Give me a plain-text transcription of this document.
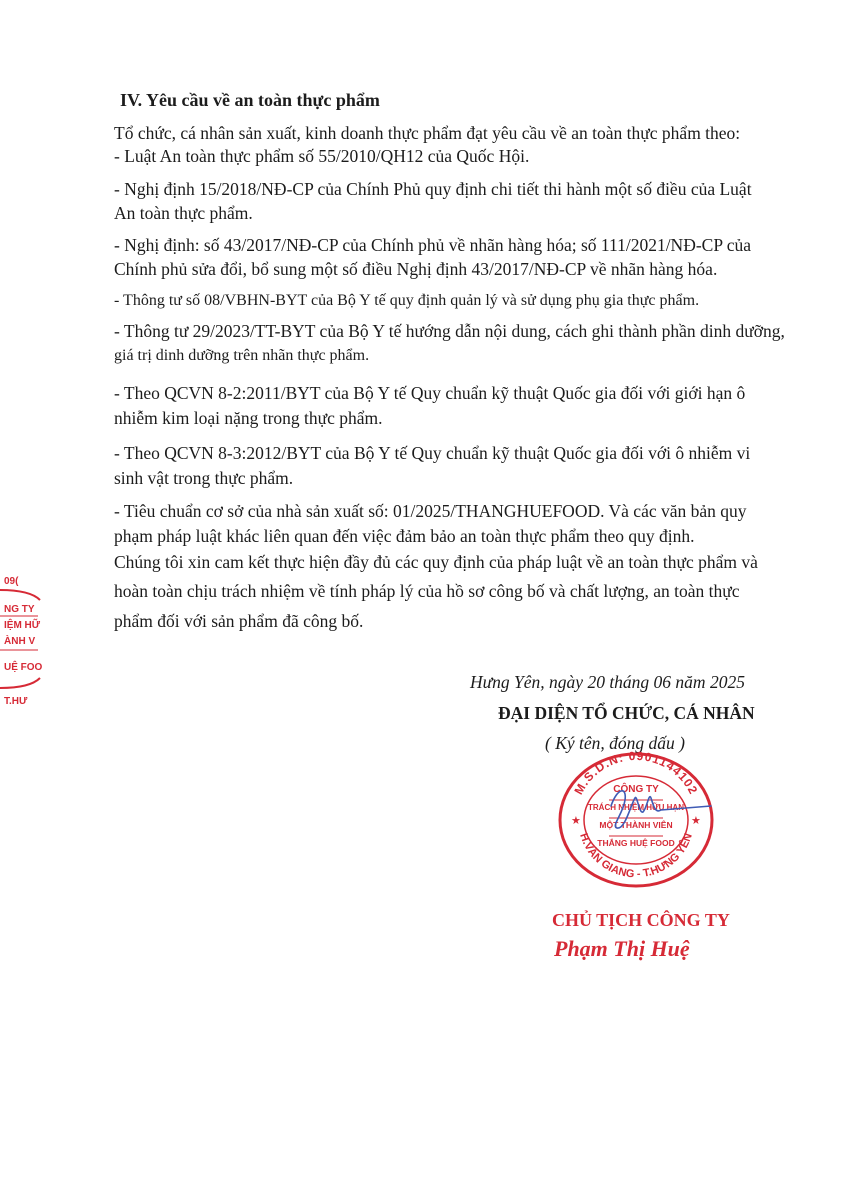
IV. Yêu cầu về an toàn thực phẩm
Tổ chức, cá nhân sản xuất, kinh doanh thực phẩm đạt yêu cầu về an toàn thực phẩm theo:
- Luật An toàn thực phẩm số 55/2010/QH12 của Quốc Hội.
- Nghị định 15/2018/NĐ-CP của Chính Phủ quy định chi tiết thi hành một số điều của Luật
An toàn thực phẩm.
- Nghị định: số 43/2017/NĐ-CP của Chính phủ về nhãn hàng hóa; số 111/2021/NĐ-CP của
Chính phủ sửa đổi, bổ sung một số điều Nghị định 43/2017/NĐ-CP về nhãn hàng hóa.
- Thông tư số 08/VBHN-BYT của Bộ Y tế quy định quản lý và sử dụng phụ gia thực phẩm.
- Thông tư 29/2023/TT-BYT của Bộ Y tế hướng dẫn nội dung, cách ghi thành phần dinh dưỡng,
giá trị dinh dưỡng trên nhãn thực phẩm.
- Theo QCVN 8-2:2011/BYT của Bộ Y tế Quy chuẩn kỹ thuật Quốc gia đối với giới hạn ô
nhiễm kim loại nặng trong thực phẩm.
- Theo QCVN 8-3:2012/BYT của Bộ Y tế Quy chuẩn kỹ thuật Quốc gia đối với ô nhiễm vi
sinh vật trong thực phẩm.
- Tiêu chuẩn cơ sở của nhà sản xuất số: 01/2025/THANGHUEFOOD. Và các văn bản quy
phạm pháp luật khác liên quan đến việc đảm bảo an toàn thực phẩm theo quy định.
Chúng tôi xin cam kết thực hiện đầy đủ các quy định của pháp luật về an toàn thực phẩm và
hoàn toàn chịu trách nhiệm về tính pháp lý của hồ sơ công bố và chất lượng, an toàn thực
phẩm đối với sản phẩm đã công bố.
Hưng Yên, ngày 20 tháng 06 năm 2025
ĐẠI DIỆN TỔ CHỨC, CÁ NHÂN
( Ký tên, đóng dấu )
M.S.D.N: 0901144102
H.VĂN GIANG - T.HƯNG YÊN
★	★
CÔNG TY
TRÁCH NHIỆM HỮU HẠN
MỘT THÀNH VIÊN
THẮNG HUỆ FOOD
CHỦ TỊCH CÔNG TY
Phạm Thị Huệ
09(
NG TY
IỆM HỮ
ÀNH V
UỆ FOO
T.HƯ
